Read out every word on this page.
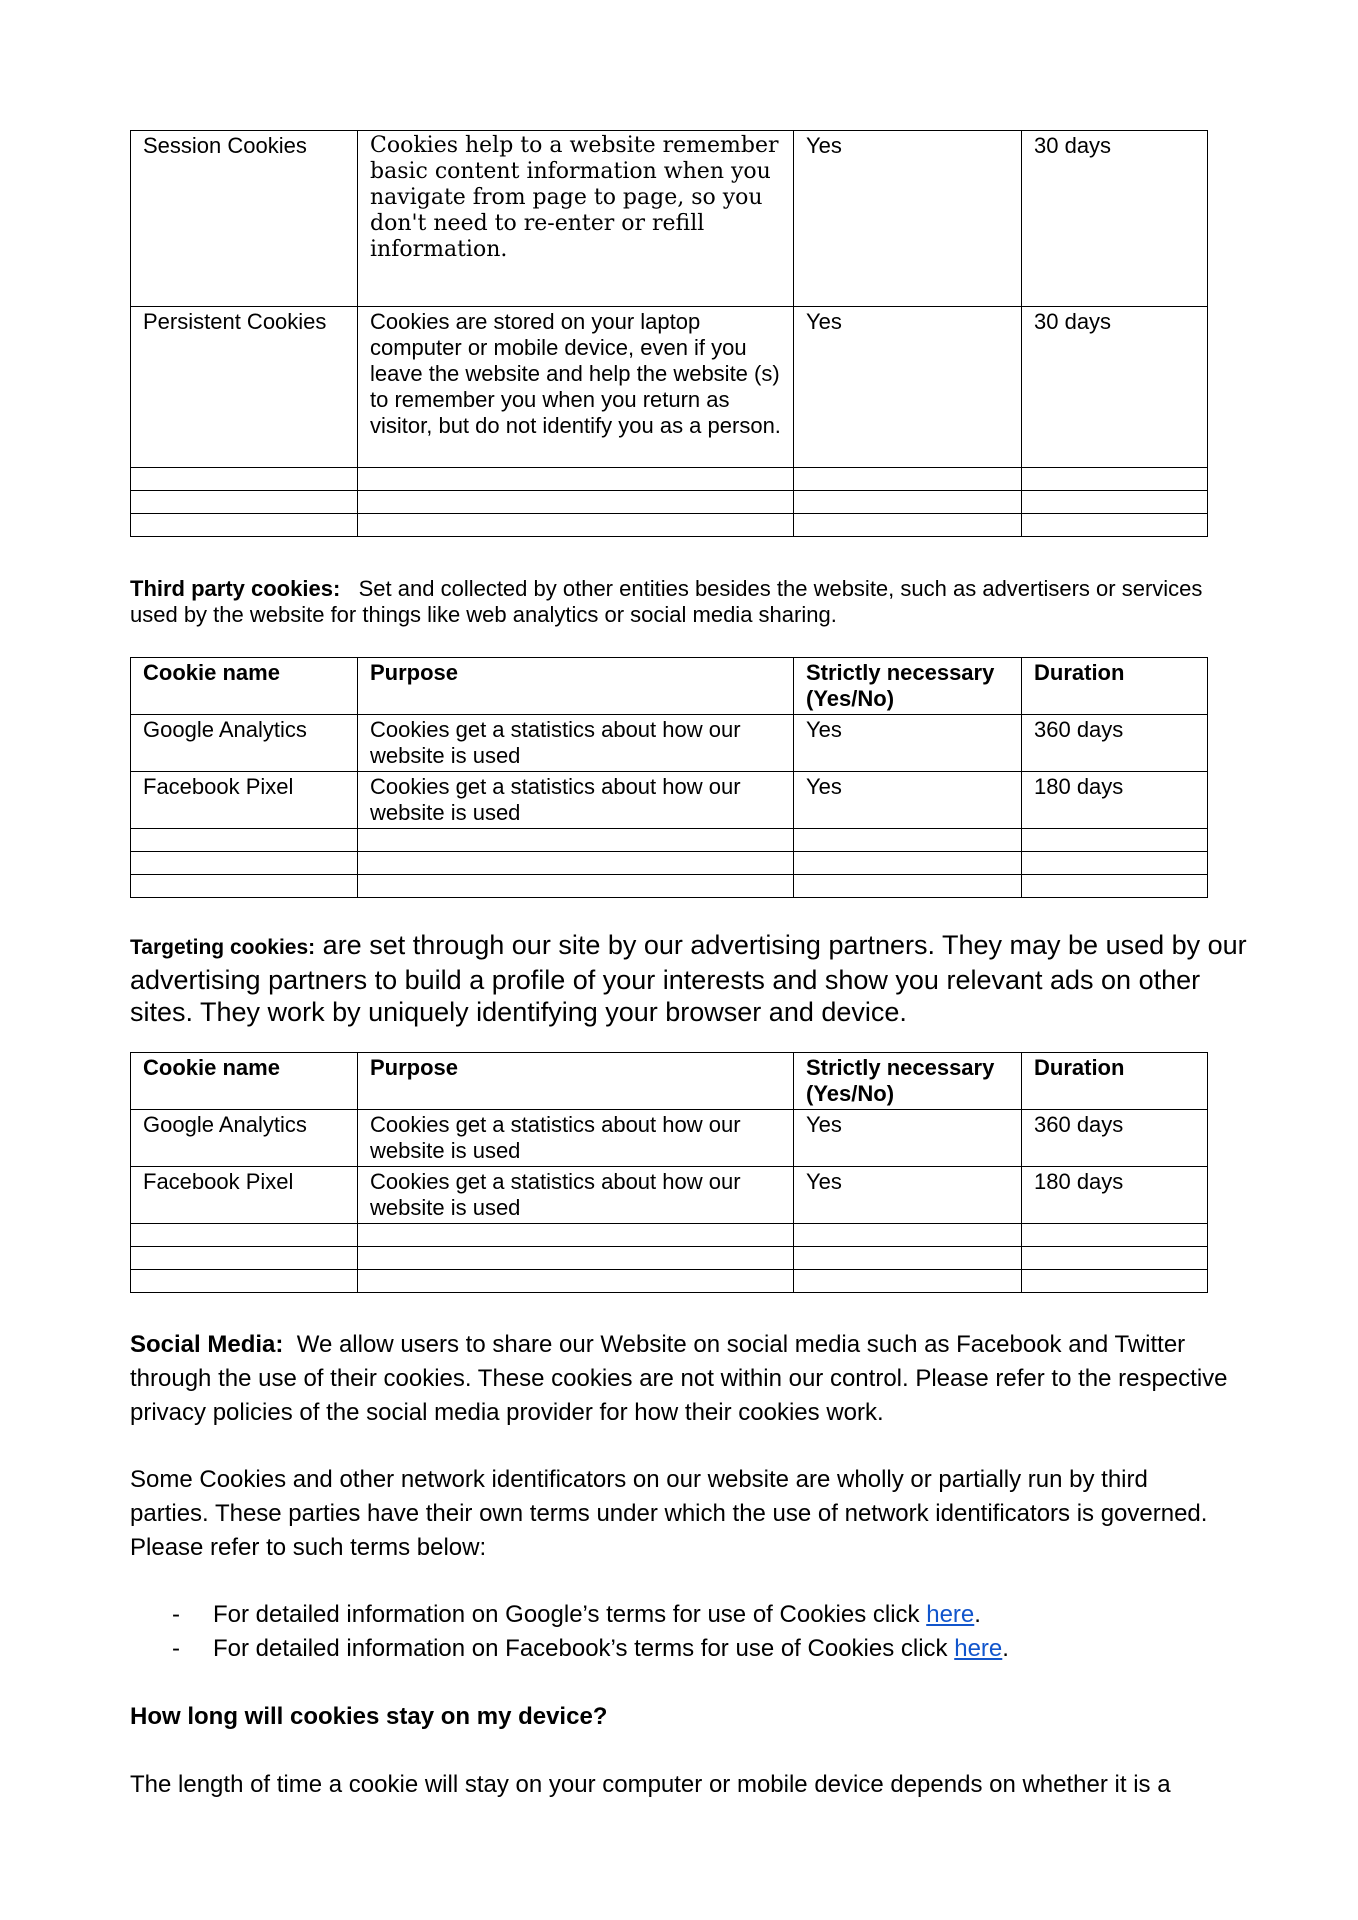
Session Cookies	Cookies help to a website remember basic content information when you navigate from page to page, so you don't need to re-enter or refill information.	Yes	30 days
Persistent Cookies	Cookies are stored on your laptop computer or mobile device, even if you leave the website and help the website (s) to remember you when you return as visitor, but do not identify you as a person.	Yes	30 days

Third party cookies: Set and collected by other entities besides the website, such as advertisers or services used by the website for things like web analytics or social media sharing.
Cookie name	Purpose	Strictly necessary (Yes/No)	Duration
Google Analytics	Cookies get a statistics about how our website is used	Yes	360 days
Facebook Pixel	Cookies get a statistics about how our website is used	Yes	180 days

Targeting cookies: are set through our site by our advertising partners. They may be used by our advertising partners to build a profile of your interests and show you relevant ads on other sites. They work by uniquely identifying your browser and device.
Cookie name	Purpose	Strictly necessary (Yes/No)	Duration
Google Analytics	Cookies get a statistics about how our website is used	Yes	360 days
Facebook Pixel	Cookies get a statistics about how our website is used	Yes	180 days

Social Media: We allow users to share our Website on social media such as Facebook and Twitter through the use of their cookies. These cookies are not within our control. Please refer to the respective privacy policies of the social media provider for how their cookies work.
Some Cookies and other network identificators on our website are wholly or partially run by third parties. These parties have their own terms under which the use of network identificators is governed. Please refer to such terms below:
- For detailed information on Google’s terms for use of Cookies click here.
- For detailed information on Facebook’s terms for use of Cookies click here.
How long will cookies stay on my device?
The length of time a cookie will stay on your computer or mobile device depends on whether it is a
